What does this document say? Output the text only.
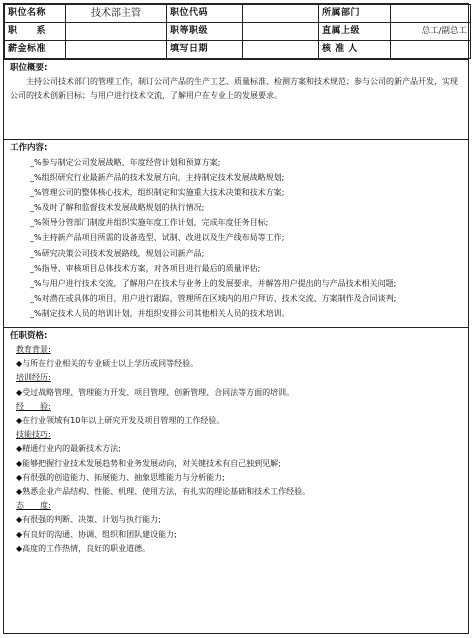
职位名称	技术部主管	职位代码		所属部门	
职　　系		职等职级		直属上级	总工/副总工
薪金标准		填写日期		核 准 人	
职位概要:
主持公司技术部门的管理工作，制订公司产品的生产工艺、质量标准、检测方案和技术规范；参与公司的新产品开发，实现公司的技术创新目标；与用户进行技术交流，了解用户在专业上的发展要求。
工作内容:
_%参与制定公司发展战略、年度经营计划和预算方案;
_%组织研究行业最新产品的技术发展方向，主持制定技术发展战略规划;
_%管理公司的整体核心技术，组织制定和实施重大技术决策和技术方案;
_%及时了解和监督技术发展战略规划的执行情况;
_%领导分管部门制度并组织实施年度工作计划，完成年度任务目标;
_%主持新产品项目所需的设备选型、试制、改进以及生产线布局等工作;
_%研究决策公司技术发展路线，规划公司新产品;
_%指导、审核项目总体技术方案，对各项目进行最后的质量评估;
_%与用户进行技术交流，了解用户在技术与业务上的发展要求，并解答用户提出的与产品技术相关问题;
_%对潜在或具体的项目，用户进行跟踪，管理所在区域内的用户拜访、技术交流、方案制作及合同谈判;
_%制定技术人员的培训计划，并组织安排公司其他相关人员的技术培训。
任职资格:
教育背景:
◆与所在行业相关的专业硕士以上学历或同等经验。
培训经历:
◆受过战略管理、管理能力开发、项目管理、创新管理、合同法等方面的培训。
经　　验:
◆在行业领域有10年以上研究开发及项目管理的工作经验。
技能技巧:
◆精通行业内的最新技术方法;
◆能够把握行业技术发展趋势和业务发展动向，对关键技术有自己独到见解;
◆有很强的创造能力、拓展能力、抽象思维能力与分析能力;
◆熟悉企业产品结构、性能、机理、使用方法，有扎实的理论基础和技术工作经验。
态　　度:
◆有很强的判断、决策、计划与执行能力;
◆有良好的沟通、协调、组织和团队建设能力;
◆高度的工作热情，良好的职业道德。
